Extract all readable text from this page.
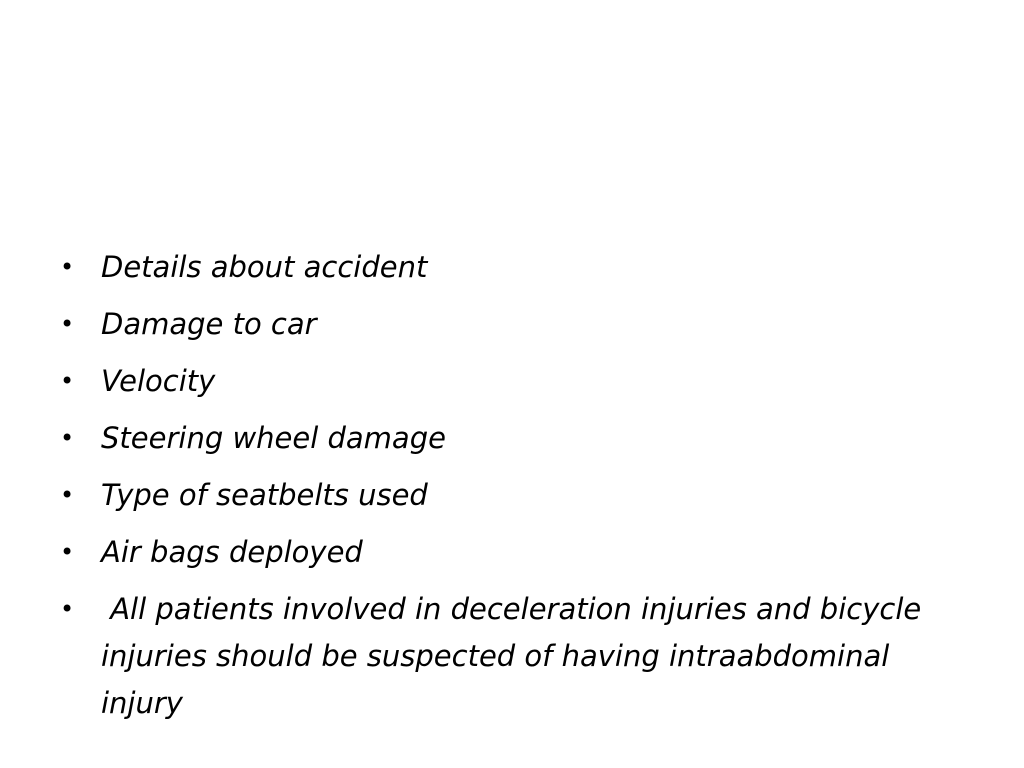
• Details about accident
• Damage to car
• Velocity
• Steering wheel damage
• Type of seatbelts used
• Air bags deployed
• All patients involved in deceleration injuries and bicycle injuries should be suspected of having intraabdominal injury
